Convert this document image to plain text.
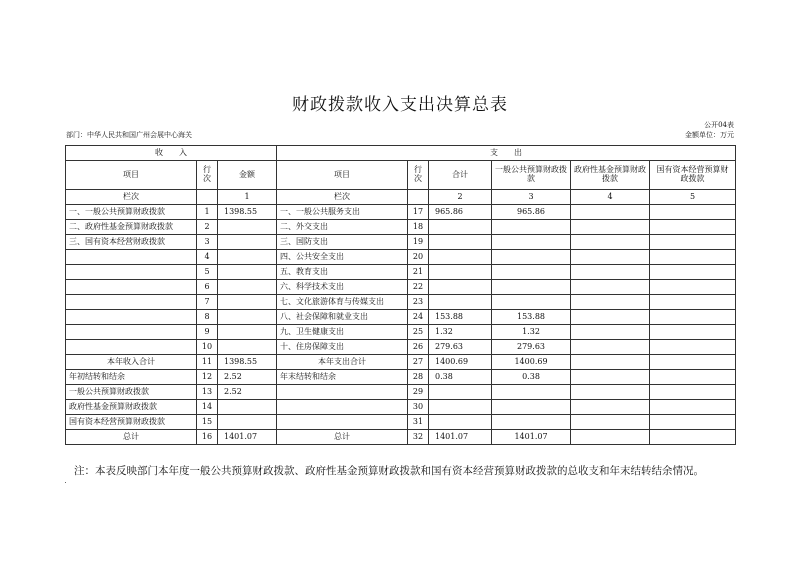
财政拨款收入支出决算总表
公开04表
部门：中华人民共和国广州会展中心海关	金额单位：万元
收　　入			支　　出					
项目	行次	金额	项目	行次	合计	一般公共预算财政拨款	政府性基金预算财政拨款	国有资本经营预算财政拨款
栏次		1	栏次		2	3	4	5
一、一般公共预算财政拨款	1	1398.55	一、一般公共服务支出	17	965.86	965.86		
二、政府性基金预算财政拨款	2		二、外交支出	18				
三、国有资本经营财政拨款	3		三、国防支出	19				
	4		四、公共安全支出	20				
	5		五、教育支出	21				
	6		六、科学技术支出	22				
	7		七、文化旅游体育与传媒支出	23				
	8		八、社会保障和就业支出	24	153.88	153.88		
	9		九、卫生健康支出	25	1.32	1.32		
	10		十、住房保障支出	26	279.63	279.63		
本年收入合计	11	1398.55	本年支出合计	27	1400.69	1400.69		
年初结转和结余	12	2.52	年末结转和结余	28	0.38	0.38		
一般公共预算财政拨款	13	2.52		29				
政府性基金预算财政拨款	14			30				
国有资本经营预算财政拨款	15			31				
总计	16	1401.07	总计	32	1401.07	1401.07		
注：本表反映部门本年度一般公共预算财政拨款、政府性基金预算财政拨款和国有资本经营预算财政拨款的总收支和年末结转结余情况。
